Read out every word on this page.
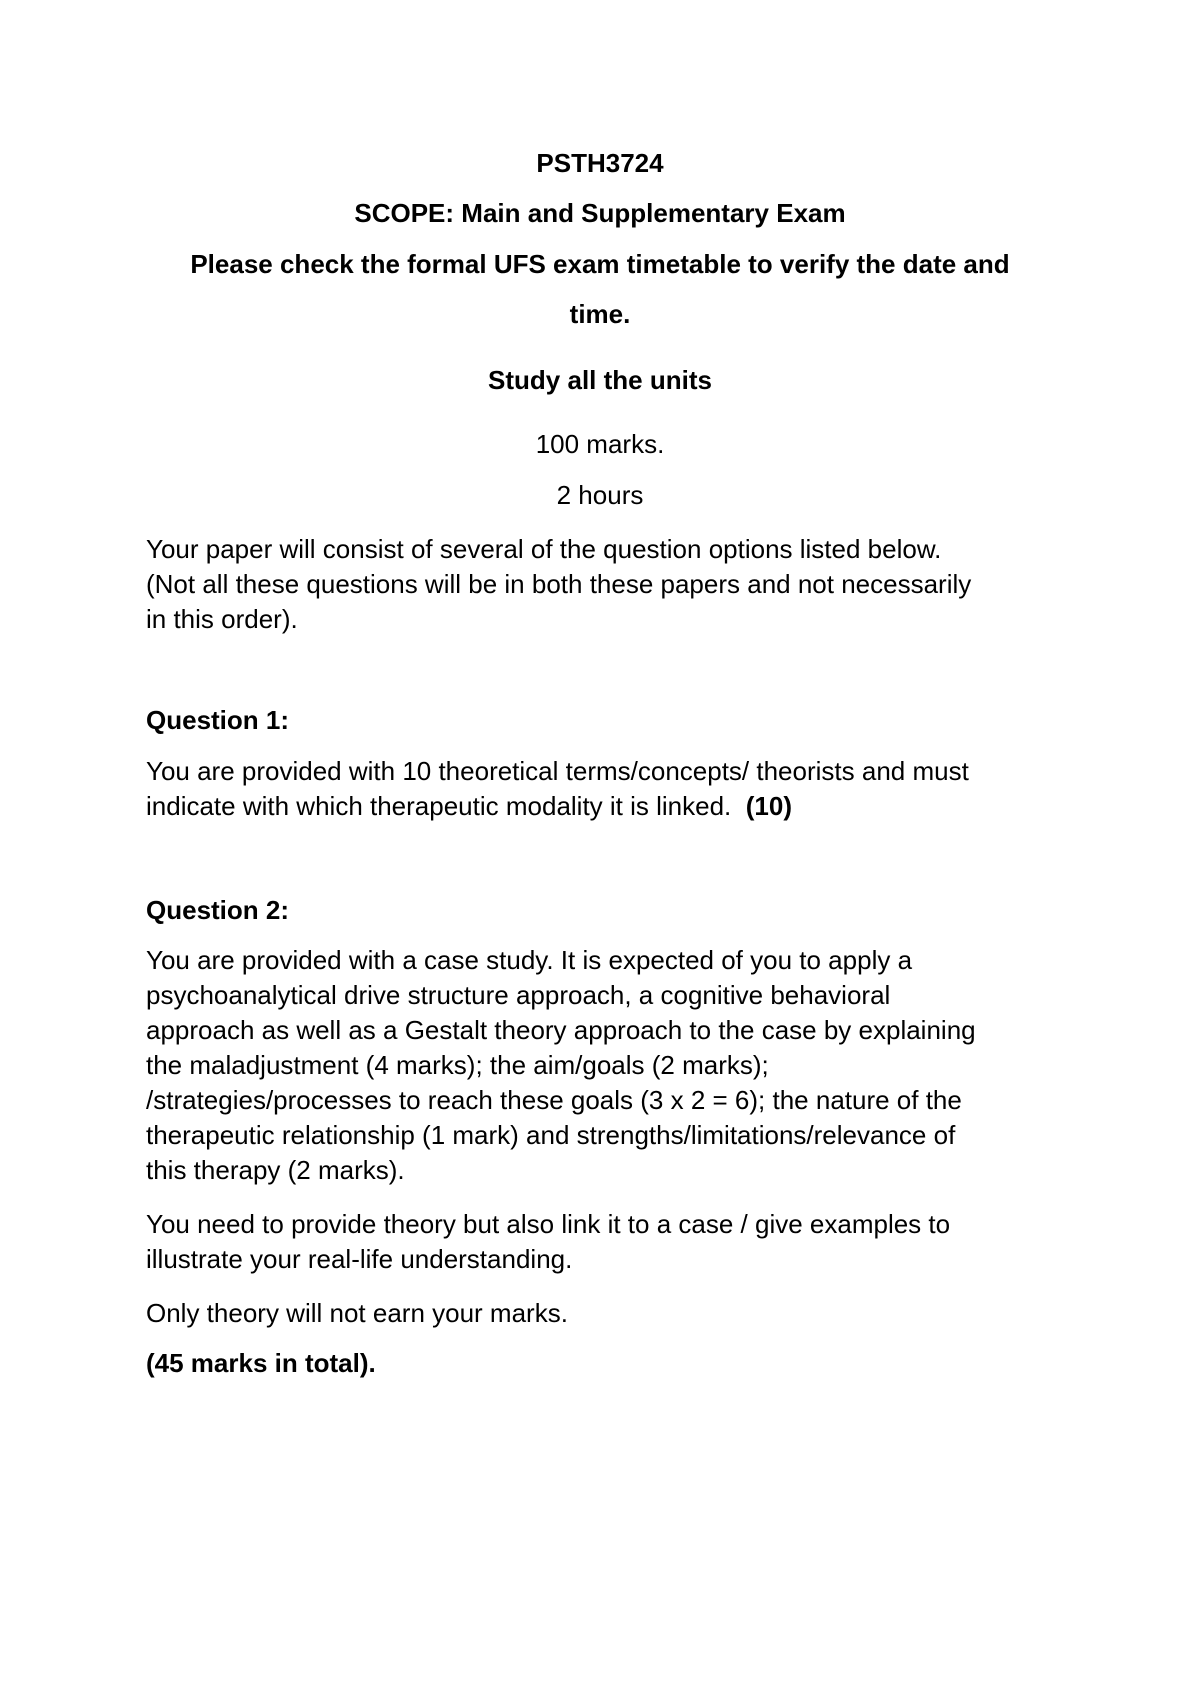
PSTH3724
SCOPE: Main and Supplementary Exam
Please check the formal UFS exam timetable to verify the date and
time.
Study all the units
100 marks.
2 hours
Your paper will consist of several of the question options listed below.
(Not all these questions will be in both these papers and not necessarily
in this order).
Question 1:
You are provided with 10 theoretical terms/concepts/ theorists and must
indicate with which therapeutic modality it is linked. (10)
Question 2:
You are provided with a case study. It is expected of you to apply a
psychoanalytical drive structure approach, a cognitive behavioral
approach as well as a Gestalt theory approach to the case by explaining
the maladjustment (4 marks); the aim/goals (2 marks);
/strategies/processes to reach these goals (3 x 2 = 6); the nature of the
therapeutic relationship (1 mark) and strengths/limitations/relevance of
this therapy (2 marks).
You need to provide theory but also link it to a case / give examples to
illustrate your real-life understanding.
Only theory will not earn your marks.
(45 marks in total).
